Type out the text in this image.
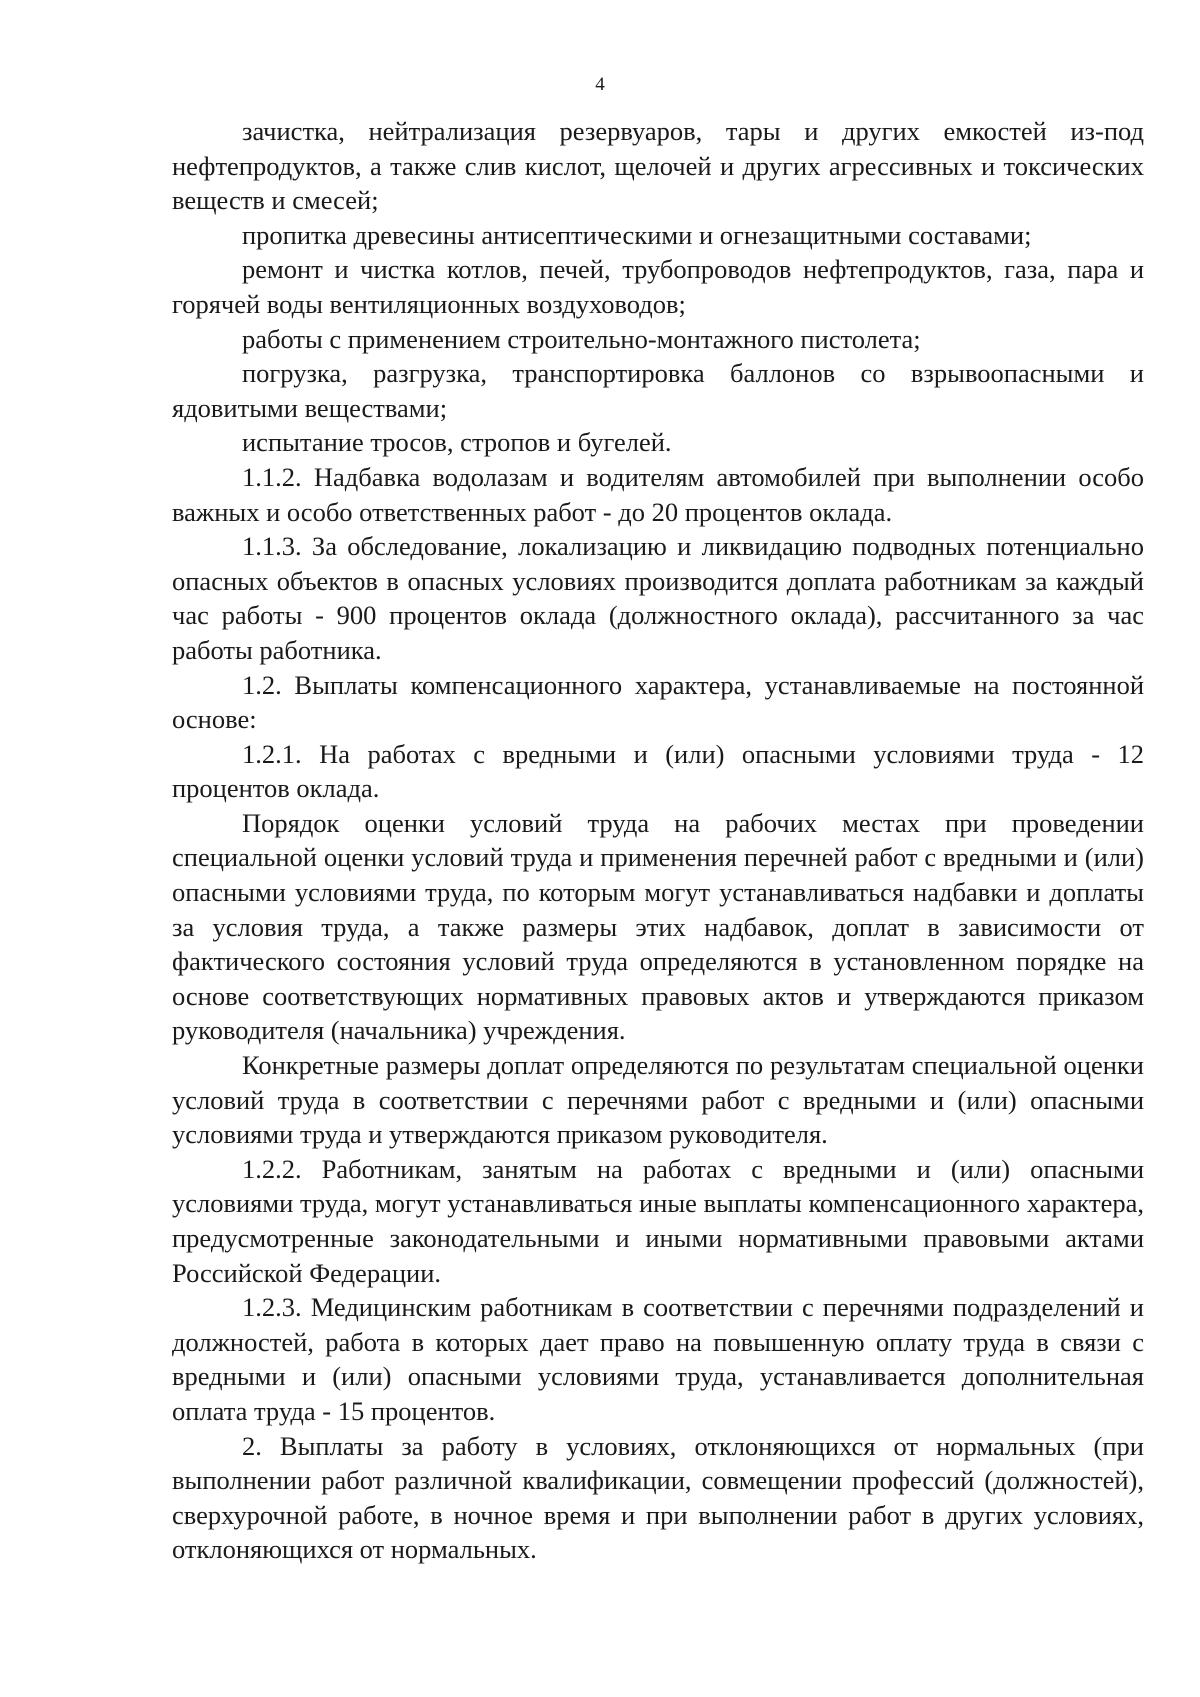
4

зачистка, нейтрализация резервуаров, тары и других емкостей из-под нефтепродуктов, а также слив кислот, щелочей и других агрессивных и токсических веществ и смесей;

пропитка древесины антисептическими и огнезащитными составами;

ремонт и чистка котлов, печей, трубопроводов нефтепродуктов, газа, пара и горячей воды вентиляционных воздуховодов;

работы с применением строительно-монтажного пистолета;

погрузка, разгрузка, транспортировка баллонов со взрывоопасными и ядовитыми веществами;

испытание тросов, стропов и бугелей.

1.1.2. Надбавка водолазам и водителям автомобилей при выполнении особо важных и особо ответственных работ - до 20 процентов оклада.

1.1.3. За обследование, локализацию и ликвидацию подводных потенциально опасных объектов в опасных условиях производится доплата работникам за каждый час работы - 900 процентов оклада (должностного оклада), рассчитанного за час работы работника.

1.2. Выплаты компенсационного характера, устанавливаемые на постоянной основе:

1.2.1. На работах с вредными и (или) опасными условиями труда - 12 процентов оклада.

Порядок оценки условий труда на рабочих местах при проведении специальной оценки условий труда и применения перечней работ с вредными и (или) опасными условиями труда, по которым могут устанавливаться надбавки и доплаты за условия труда, а также размеры этих надбавок, доплат в зависимости от фактического состояния условий труда определяются в установленном порядке на основе соответствующих нормативных правовых актов и утверждаются приказом руководителя (начальника) учреждения.

Конкретные размеры доплат определяются по результатам специальной оценки условий труда в соответствии с перечнями работ с вредными и (или) опасными условиями труда и утверждаются приказом руководителя.

1.2.2. Работникам, занятым на работах с вредными и (или) опасными условиями труда, могут устанавливаться иные выплаты компенсационного характера, предусмотренные законодательными и иными нормативными правовыми актами Российской Федерации.

1.2.3. Медицинским работникам в соответствии с перечнями подразделений и должностей, работа в которых дает право на повышенную оплату труда в связи с вредными и (или) опасными условиями труда, устанавливается дополнительная оплата труда - 15 процентов.

2. Выплаты за работу в условиях, отклоняющихся от нормальных (при выполнении работ различной квалификации, совмещении профессий (должностей), сверхурочной работе, в ночное время и при выполнении работ в других условиях, отклоняющихся от нормальных.
